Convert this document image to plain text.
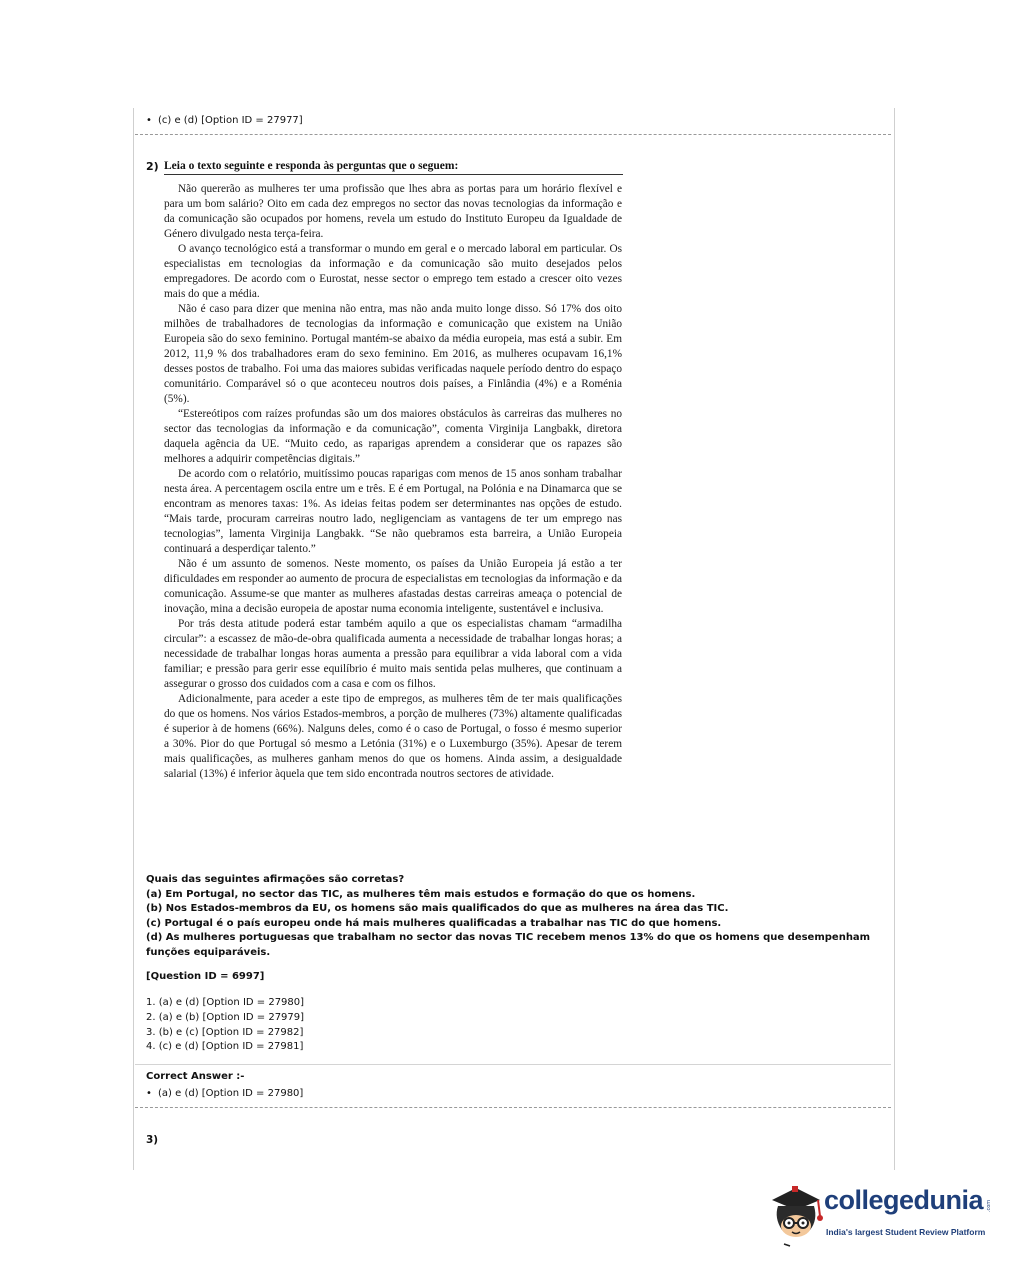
• (c) e (d) [Option ID = 27977]
2) Leia o texto seguinte e responda às perguntas que o seguem:

Não quererão as mulheres ter uma profissão que lhes abra as portas para um horário flexível e para um bom salário? Oito em cada dez empregos no sector das novas tecnologias da informação e da comunicação são ocupados por homens, revela um estudo do Instituto Europeu da Igualdade de Género divulgado nesta terça-feira.

O avanço tecnológico está a transformar o mundo em geral e o mercado laboral em particular. Os especialistas em tecnologias da informação e da comunicação são muito desejados pelos empregadores. De acordo com o Eurostat, nesse sector o emprego tem estado a crescer oito vezes mais do que a média.

Não é caso para dizer que menina não entra, mas não anda muito longe disso. Só 17% dos oito milhões de trabalhadores de tecnologias da informação e comunicação que existem na União Europeia são do sexo feminino. Portugal mantém-se abaixo da média europeia, mas está a subir. Em 2012, 11,9 % dos trabalhadores eram do sexo feminino. Em 2016, as mulheres ocupavam 16,1% desses postos de trabalho. Foi uma das maiores subidas verificadas naquele período dentro do espaço comunitário. Comparável só o que aconteceu noutros dois países, a Finlândia (4%) e a Roménia (5%).

“Estereótipos com raízes profundas são um dos maiores obstáculos às carreiras das mulheres no sector das tecnologias da informação e da comunicação”, comenta Virginija Langbakk, diretora daquela agência da UE. “Muito cedo, as raparigas aprendem a considerar que os rapazes são melhores a adquirir competências digitais.”

De acordo com o relatório, muitíssimo poucas raparigas com menos de 15 anos sonham trabalhar nesta área. A percentagem oscila entre um e três. E é em Portugal, na Polónia e na Dinamarca que se encontram as menores taxas: 1%. As ideias feitas podem ser determinantes nas opções de estudo. “Mais tarde, procuram carreiras noutro lado, negligenciam as vantagens de ter um emprego nas tecnologias”, lamenta Virginija Langbakk. “Se não quebramos esta barreira, a União Europeia continuará a desperdiçar talento.”

Não é um assunto de somenos. Neste momento, os países da União Europeia já estão a ter dificuldades em responder ao aumento de procura de especialistas em tecnologias da informação e da comunicação. Assume-se que manter as mulheres afastadas destas carreiras ameaça o potencial de inovação, mina a decisão europeia de apostar numa economia inteligente, sustentável e inclusiva.

Por trás desta atitude poderá estar também aquilo a que os especialistas chamam “armadilha circular”: a escassez de mão-de-obra qualificada aumenta a necessidade de trabalhar longas horas; a necessidade de trabalhar longas horas aumenta a pressão para equilibrar a vida laboral com a vida familiar; e pressão para gerir esse equilíbrio é muito mais sentida pelas mulheres, que continuam a assegurar o grosso dos cuidados com a casa e com os filhos.

Adicionalmente, para aceder a este tipo de empregos, as mulheres têm de ter mais qualificações do que os homens. Nos vários Estados-membros, a porção de mulheres (73%) altamente qualificadas é superior à de homens (66%). Nalguns deles, como é o caso de Portugal, o fosso é mesmo superior a 30%. Pior do que Portugal só mesmo a Letónia (31%) e o Luxemburgo (35%). Apesar de terem mais qualificações, as mulheres ganham menos do que os homens. Ainda assim, a desigualdade salarial (13%) é inferior àquela que tem sido encontrada noutros sectores de atividade.

Quais das seguintes afirmações são corretas?
(a) Em Portugal, no sector das TIC, as mulheres têm mais estudos e formação do que os homens.
(b) Nos Estados-membros da EU, os homens são mais qualificados do que as mulheres na área das TIC.
(c) Portugal é o país europeu onde há mais mulheres qualificadas a trabalhar nas TIC do que homens.
(d) As mulheres portuguesas que trabalham no sector das novas TIC recebem menos 13% do que os homens que desempenham funções equiparáveis.
[Question ID = 6997]
1. (a) e (d) [Option ID = 27980]
2. (a) e (b) [Option ID = 27979]
3. (b) e (c) [Option ID = 27982]
4. (c) e (d) [Option ID = 27981]
Correct Answer :-
• (a) e (d) [Option ID = 27980]
3)
collegedunia .com
India's largest Student Review Platform
